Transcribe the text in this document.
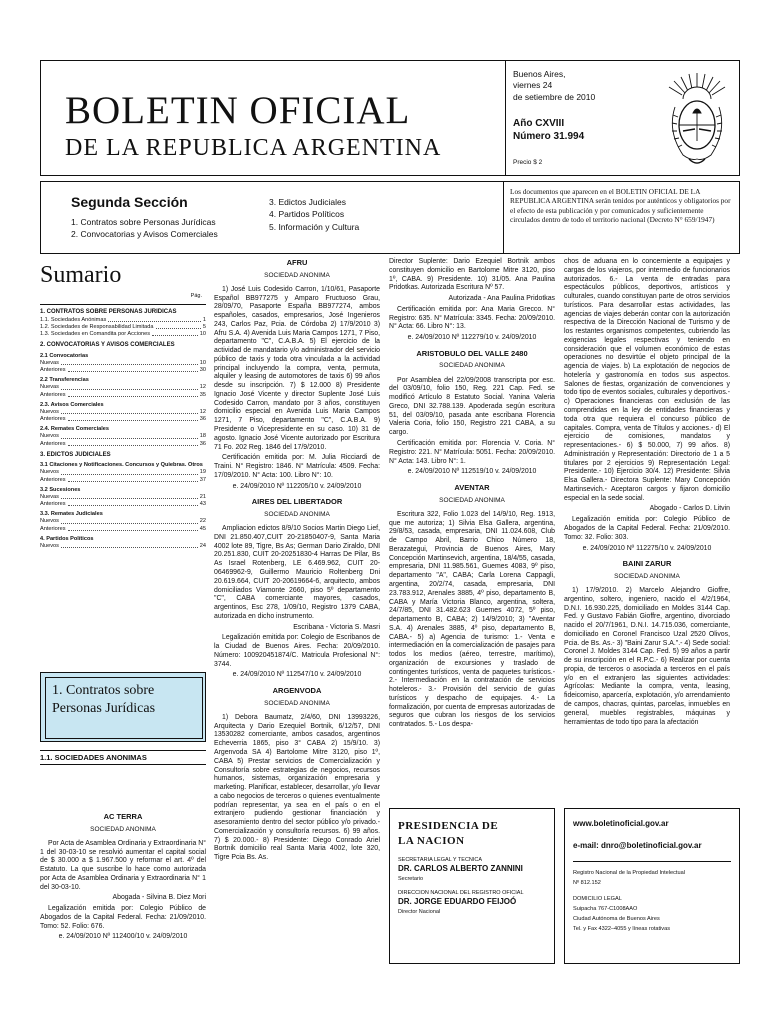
BOLETIN OFICIAL
DE LA REPUBLICA ARGENTINA
Buenos Aires,
viernes 24
de setiembre de 2010
Año CXVIII
Número 31.994
Precio $ 2
Segunda Sección
1. Contratos sobre Personas Jurídicas
2. Convocatorias y Avisos Comerciales
3. Edictos Judiciales
4. Partidos Políticos
5. Información y Cultura
Los documentos que aparecen en el BOLETIN OFICIAL DE LA REPUBLICA ARGENTINA serán tenidos por auténticos y obligatorios por el efecto de esta publicación y por comunicados y suficientemente circulados dentro de todo el territorio nacional (Decreto N° 659/1947)
Sumario
Pág.
1. CONTRATOS SOBRE PERSONAS JURIDICAS
1.1. Sociedades Anónimas	1
1.2. Sociedades de Responsabilidad Limitada	5
1.3. Sociedades en Comandita por Acciones	10
2. CONVOCATORIAS Y AVISOS COMERCIALES
2.1 Convocatorias
Nuevas	10
Anteriores	30
2.2 Transferencias
Nuevas	12
Anteriores	35
2.3. Avisos Comerciales
Nuevos	12
Anteriores	36
2.4. Remates Comerciales
Nuevos	18
Anteriores	36
3. EDICTOS JUDICIALES
3.1 Citaciones y Notificaciones. Concursos y Quiebras. Otros
Nuevos	19
Anteriores	37
3.2 Sucesiones
Nuevas	21
Anteriores	43
3.3. Remates Judiciales
Nuevos	22
Anteriores	45
4. Partidos Políticos
Nuevos	24
1. Contratos sobre Personas Jurídicas
1.1. SOCIEDADES ANONIMAS
AC TERRA
SOCIEDAD ANONIMA

Por Acta de Asamblea Ordinaria y Extraordinaria N° 1 del 30-03-10 se resolvió aumentar el capital social de $ 30.000 a $ 1.967.500 y reformar el art. 4º del Estatuto. La que suscribe lo hace como autorizada por Acta de Asamblea Ordinaria y Extraordinaria N° 1 del 30-03-10.

Abogada - Silvina B. Diez Mori

Legalización emitida por: Colegio Público de Abogados de la Capital Federal. Fecha: 21/09/2010. Tomo: 52. Folio: 676.

e. 24/09/2010 Nº 112400/10 v. 24/09/2010

AFRU
SOCIEDAD ANONIMA

1) José Luis Codesido Carron, 1/10/61, Pasaporte Español BB977275 y Amparo Fructuoso Grau, 28/09/70, Pasaporte España BB977274, ambos españoles, casados, empresarios, José Ingenieros 243, Carlos Paz, Pcia. de Córdoba 2) 17/9/2010 3) Afru S.A. 4) Avenida Luis Maria Campos 1271, 7 Piso, departamento "C", C.A.B.A. 5) El ejercicio de la actividad de mandatario y/o administrador del servicio público de taxis y toda otra vinculada a la actividad principal incluyendo la compra, venta, permuta, alquiler y leasing de automotores de taxis 6) 99 años desde su inscripción. 7) $ 12.000 8) Presidente Ignacio José Vicente y director Suplente José Luis Codesido Carron, mandato por 3 años, constituyen domicilio especial en Avenida Luis Maria Campos 1271, 7 Piso, departamento "C", C.A.B.A. 9) Presidente o Vicepresidente en su caso. 10) 31 de agosto. Ignacio José Vicente autorizado por Escritura 71 Fo. 202 Reg. 1846 del 17/9/2010.

Certificación emitida por: M. Julia Ricciardi de Traini. N° Registro: 1846. N° Matrícula: 4509. Fecha: 17/09/2010. N° Acta: 100. Libro N°: 10.

e. 24/09/2010 Nº 112205/10 v. 24/09/2010

AIRES DEL LIBERTADOR
SOCIEDAD ANONIMA

Ampliacion edictos 8/9/10 Socios Martin Diego Lief, DNI 21.850.407,CUIT 20-21850407-9, Santa Maria 4002 lote 89, Tigre, Bs As; German Dario Ziraldo, DNI 20.251.830, CUIT 20-20251830-4 Harras De Pilar, Bs As Israel Rotenberg, LE 6.469.962, CUIT 20-06469962-9, Guillermo Mauricio Roltenberg Dni 20.619.664, CUIT 20-20619664-6, arquitecto, ambos domiciliados Viamonte 2660, piso 5º departamento "C", CABA comerciante mayores, casados, argentinos, Esc 278, 1/09/10, Registro 1379 CABA, autorizada en dicho instrumento.

Escribana - Victoria S. Masri

Legalización emitida por: Colegio de Escribanos de la Ciudad de Buenos Aires. Fecha: 20/09/2010. Número: 100920451874/C. Matricula Profesional N°: 3744.

e. 24/09/2010 Nº 112547/10 v. 24/09/2010

ARGENVODA
SOCIEDAD ANONIMA

1) Debora Baumatz, 2/4/60, DNI 13993226, Arquitecta y Dario Ezequiel Bortnik, 6/12/57, DNI 13530282 comerciante, ambos casados, argentinos Echeverria 1865, piso 3° CABA 2) 15/9/10. 3) Argenvoda SA 4) Bartolome Mitre 3120, piso 1º, CABA 5) Prestar servicios de Comercialización y Consultoría sobre estrategias de negocios, recursos humanos, sistemas, organización empresaria y marketing. Planificar, establecer, desarrollar, y/o llevar a cabo negocios de terceros o quienes eventualmente podrían representar, ya sea en el país o en el extranjero pudiendo gestionar financiación y asesoramiento dentro del sector público y/o privado.- Comercialización y consultoría recursos. 6) 99 años. 7) $ 20.000.- 8) Presidente: Diego Conrado Ariel Bortnik domicilio real Santa Maria 4002, lote 320, Tigre Pcia Bs. As.

Director Suplente: Dario Ezequiel Bortnik ambos constituyen domicilio en Bartolome Mitre 3120, piso 1º, CABA. 9) Presidente. 10) 31/05. Ana Paulina Pridotkas. Autorizada Escritura Nº 57.

Autorizada - Ana Paulina Pridotkas

Certificación emitida por: Ana Maria Grecco. N° Registro: 635. N° Matrícula: 3345. Fecha: 20/09/2010. N° Acta: 66. Libro N°: 13.

e. 24/09/2010 Nº 112279/10 v. 24/09/2010

ARISTOBULO DEL VALLE 2480
SOCIEDAD ANONIMA

Por Asamblea del 22/09/2008 transcripta por esc. del 03/09/10, folio 150, Reg. 221 Cap. Fed. se modificó Artículo 8 Estatuto Social. Yanina Valeria Greco, DNI 32.788.139. Apoderada según escritura 51, del 03/09/10, pasada ante escribana Florencia Valeria Coria, folio 150, Registro 221 CABA, a su cargo.

Certificación emitida por: Florencia V. Coria. N° Registro: 221. N° Matrícula: 5051. Fecha: 20/09/2010. N° Acta: 143. Libro N°: 1.

e. 24/09/2010 Nº 112519/10 v. 24/09/2010

AVENTAR
SOCIEDAD ANONIMA

Escritura 322, Folio 1.023 del 14/9/10, Reg. 1913, que me autoriza; 1) Silvia Elsa Gallera, argentina, 29/8/53, casada, empresaria, DNI 11.024.608, Club de Campo Abril, Barrio Chico Número 18, Berazategui, Provincia de Buenos Aires, Mary Concepción Martinsevich, argentina, 18/4/55, casada, empresaria, DNI 11.985.561, Guemes 4083, 9º piso, departamento "A", CABA; Carla Lorena Cappagli, argentina, 20/2/74, casada, empresaria, DNI 23.783.912, Arenales 3885, 4º piso, departamento B, CABA y María Victoria Blanco, argentina, soltera, 24/7/85, DNI 31.482.623 Guemes 4072, 5º piso, departamento B, CABA; 2) 14/9/2010; 3) "Aventar S.A. 4) Arenales 3885, 4º piso, departamento B, CABA.- 5) a) Agencia de turismo: 1.- Venta e intermediación en la comercialización de pasajes para todos los medios (aéreo, terrestre, marítimo), organización de excursiones y traslado de contingentes turísticos, venta de paquetes turísticos.- 2.- Intermediación en la contratación de servicios hoteleros.- 3.- Provisión del servicio de guías turísticos y despacho de equipajes. 4.- La formalización, por cuenta de empresas autorizadas de seguros que cubran los riesgos de los servicios contratados. 5.- Los despa-

chos de aduana en lo concerniente a equipajes y cargas de los viajeros, por intermedio de funcionarios autorizados. 6.- La venta de entradas para espectáculos públicos, deportivos, artísticos y culturales, cuando constituyan parte de otros servicios turísticos. Para desarrollar estas actividades, las agencias de viajes deberán contar con la autorización respectiva de la Dirección Nacional de Turismo y de los restantes organismos competentes, cubriendo las exigencias legales respectivas y teniendo en consideración que el volumen económico de estas operaciones no desvirtúe el objeto principal de la agencia de viajes. b) La explotación de negocios de hotelería y gastronomía en todos sus aspectos. Salones de fiestas, organización de convenciones y todo tipo de eventos sociales, culturales y deportivos.- c) Operaciones financieras con exclusión de las comprendidas en la ley de entidades financieras y toda otra que requiera el concurso público de capitales. Compra, venta de Títulos y acciones.- d) El ejercicio de comisiones, mandatos y representaciones.- 6) $ 50.000, 7) 99 años. 8) Administración y Representación: Directorio de 1 a 5 titulares por 2 ejercicios 9) Representación Legal: Presidente.- 10) Ejercicio 30/4. 12) Presidente: Silvia Elsa Gallera.- Directora Suplente: Mary Concepción Martinsevich.- Aceptaron cargos y fijaron domicilio especial en la sede social.

Abogado - Carlos D. Litvin

Legalización emitida por: Colegio Público de Abogados de la Capital Federal. Fecha: 21/09/2010. Tomo: 32. Folio: 303.

e. 24/09/2010 Nº 112275/10 v. 24/09/2010

BAINI ZARUR
SOCIEDAD ANONIMA

1) 17/9/2010. 2) Marcelo Alejandro Gioffre, argentino, soltero, ingeniero, nacido el 4/2/1964, D.N.I. 16.930.225, domiciliado en Moldes 3144 Cap. Fed. y Gustavo Fabián Gioffre, argentino, divorciado nacido el 20/7/1961, D.N.I. 14.715.036, comerciante, domiciliado en Coronel Francisco Uzal 2520 Olivos, Pcia. de Bs. As.- 3) "Baini Zarur S.A.".- 4) Sede social: Coronel J. Moldes 3144 Cap. Fed. 5) 99 años a partir de su inscripción en el R.P.C.- 6) Realizar por cuenta propia, de terceros o asociada a terceros en el país y/o en el extranjero las siguientes actividades: Agrícolas: Mediante la compra, venta, leasing, fideicomiso, aparcería, explotación, y/o arrendamiento de campos, chacras, quintas, parcelas, inmuebles en general, muebles registrables, máquinas y herramientas de todo tipo para la afectación

PRESIDENCIA DE
LA NACION
SECRETARIA LEGAL Y TECNICA
DR. CARLOS ALBERTO ZANNINI
Secretario
DIRECCION NACIONAL DEL REGISTRO OFICIAL
DR. JORGE EDUARDO FEIJOÓ
Director Nacional
www.boletinoficial.gov.ar
e-mail: dnro@boletinoficial.gov.ar
Registro Nacional de la Propiedad Intelectual
Nº 812.152
DOMICILIO LEGAL
Suipacha 767-C1008AAO
Ciudad Autónoma de Buenos Aires
Tel. y Fax 4322–4055 y líneas rotativas
